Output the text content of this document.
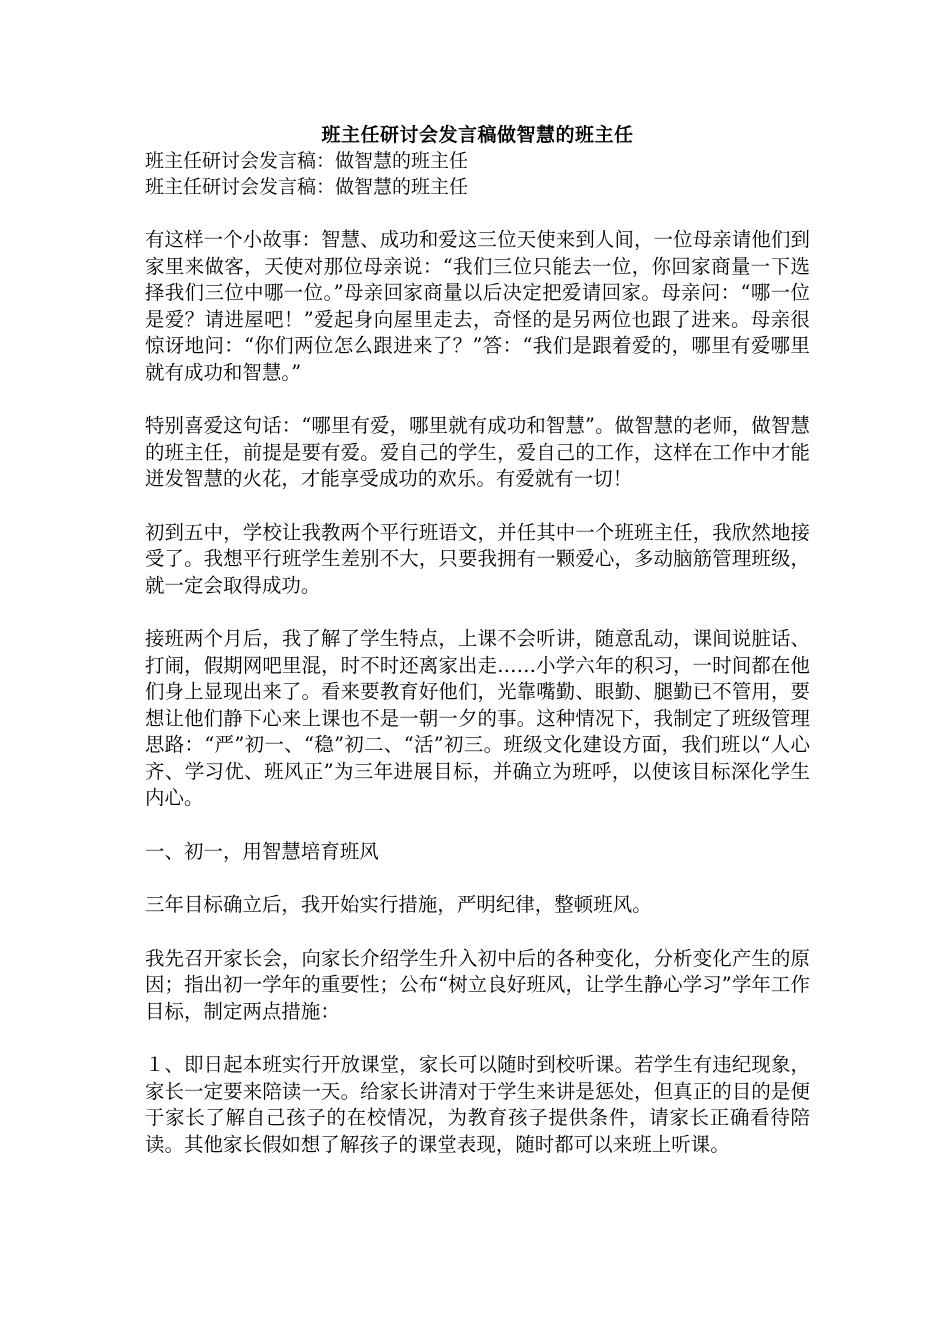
班主任研讨会发言稿做智慧的班主任
班主任研讨会发言稿：做智慧的班主任
班主任研讨会发言稿：做智慧的班主任

有这样一个小故事：智慧、成功和爱这三位天使来到人间，一位母亲请他们到家里来做客，天使对那位母亲说：“我们三位只能去一位，你回家商量一下选择我们三位中哪一位。”母亲回家商量以后决定把爱请回家。母亲问：“哪一位是爱？请进屋吧！”爱起身向屋里走去，奇怪的是另两位也跟了进来。母亲很惊讶地问：“你们两位怎么跟进来了？”答：“我们是跟着爱的，哪里有爱哪里就有成功和智慧。”

特别喜爱这句话：“哪里有爱，哪里就有成功和智慧”。做智慧的老师，做智慧的班主任，前提是要有爱。爱自己的学生，爱自己的工作，这样在工作中才能迸发智慧的火花，才能享受成功的欢乐。有爱就有一切！

初到五中，学校让我教两个平行班语文，并任其中一个班班主任，我欣然地接受了。我想平行班学生差别不大，只要我拥有一颗爱心，多动脑筋管理班级，就一定会取得成功。

接班两个月后，我了解了学生特点，上课不会听讲，随意乱动，课间说脏话、打闹，假期网吧里混，时不时还离家出走……小学六年的积习，一时间都在他们身上显现出来了。看来要教育好他们，光靠嘴勤、眼勤、腿勤已不管用，要想让他们静下心来上课也不是一朝一夕的事。这种情况下，我制定了班级管理思路：“严”初一、“稳”初二、“活”初三。班级文化建设方面，我们班以“人心齐、学习优、班风正”为三年进展目标，并确立为班呼，以使该目标深化学生内心。

一、初一，用智慧培育班风

三年目标确立后，我开始实行措施，严明纪律，整顿班风。

我先召开家长会，向家长介绍学生升入初中后的各种变化，分析变化产生的原因；指出初一学年的重要性；公布“树立良好班风，让学生静心学习”学年工作目标，制定两点措施：

１、即日起本班实行开放课堂，家长可以随时到校听课。若学生有违纪现象，家长一定要来陪读一天。给家长讲清对于学生来讲是惩处，但真正的目的是便于家长了解自己孩子的在校情况，为教育孩子提供条件，请家长正确看待陪读。其他家长假如想了解孩子的课堂表现，随时都可以来班上听课。
